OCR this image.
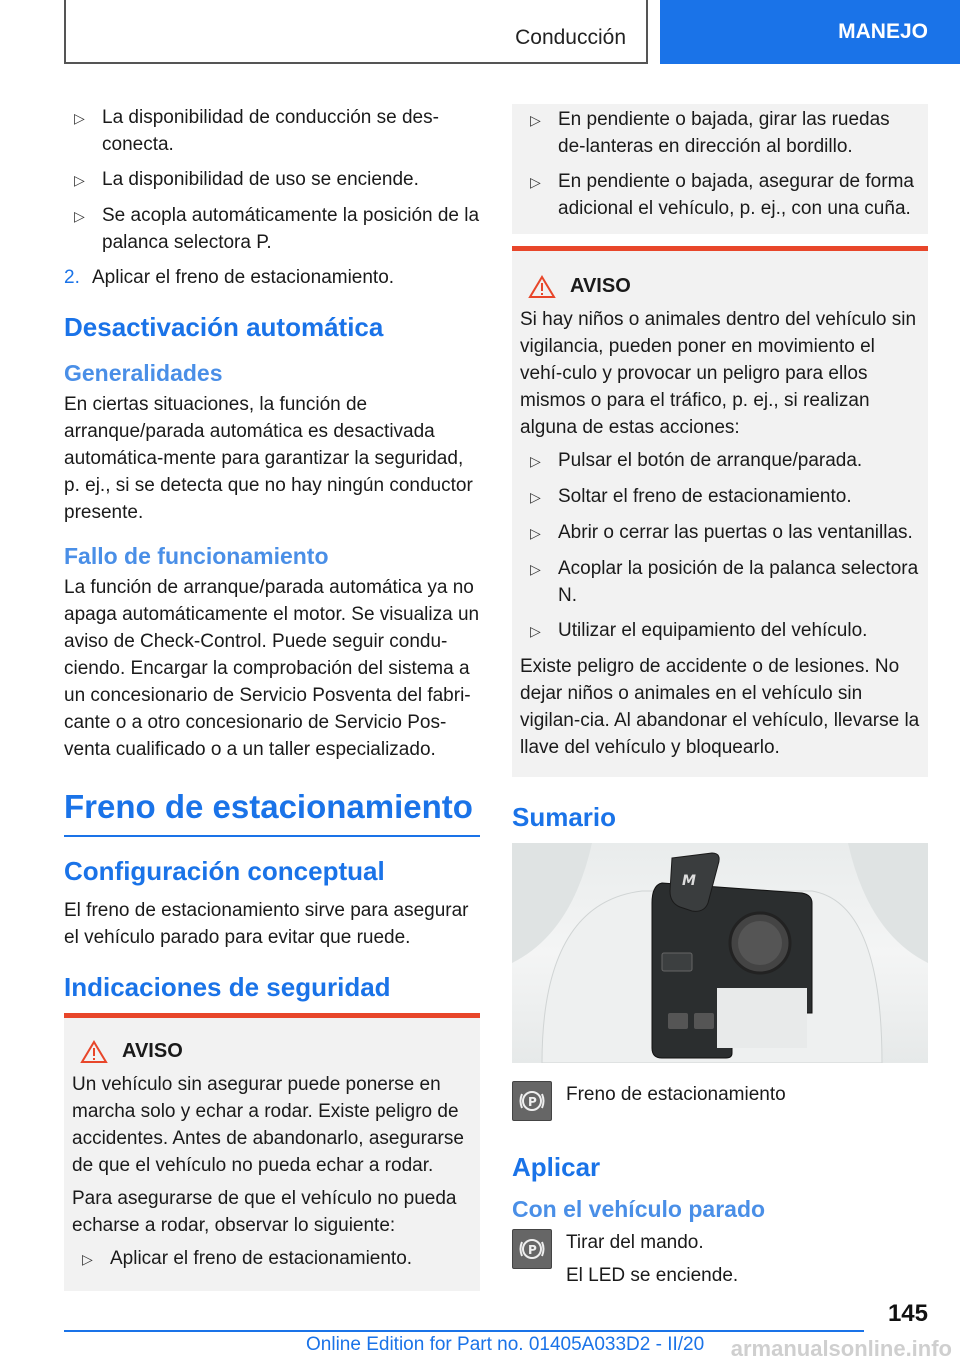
Conducción	MANEJO
▷ La disponibilidad de conducción se des-conecta.
▷ La disponibilidad de uso se enciende.
▷ Se acopla automáticamente la posición de la palanca selectora P.
2. Aplicar el freno de estacionamiento.
Desactivación automática
Generalidades

En ciertas situaciones, la función de arranque/parada automática es desactivada automática-mente para garantizar la seguridad, p. ej., si se detecta que no hay ningún conductor presente.

Fallo de funcionamiento

La función de arranque/parada automática ya no apaga automáticamente el motor. Se visualiza un aviso de Check-Control. Puede seguir condu-ciendo. Encargar la comprobación del sistema a un concesionario de Servicio Posventa del fabri-cante o a otro concesionario de Servicio Pos-venta cualificado o a un taller especializado.

Freno de estacionamiento
Configuración conceptual

El freno de estacionamiento sirve para asegurar el vehículo parado para evitar que ruede.

Indicaciones de seguridad
AVISO

Un vehículo sin asegurar puede ponerse en marcha solo y echar a rodar. Existe peligro de accidentes. Antes de abandonarlo, asegurarse de que el vehículo no pueda echar a rodar.

Para asegurarse de que el vehículo no pueda echarse a rodar, observar lo siguiente:

▷ Aplicar el freno de estacionamiento.
▷ En pendiente o bajada, girar las ruedas de-lanteras en dirección al bordillo.
▷ En pendiente o bajada, asegurar de forma adicional el vehículo, p. ej., con una cuña.
AVISO

Si hay niños o animales dentro del vehículo sin vigilancia, pueden poner en movimiento el vehí-culo y provocar un peligro para ellos mismos o para el tráfico, p. ej., si realizan alguna de estas acciones:

▷ Pulsar el botón de arranque/parada.
▷ Soltar el freno de estacionamiento.
▷ Abrir o cerrar las puertas o las ventanillas.
▷ Acoplar la posición de la palanca selectora N.
▷ Utilizar el equipamiento del vehículo.

Existe peligro de accidente o de lesiones. No dejar niños o animales en el vehículo sin vigilan-cia. Al abandonar el vehículo, llevarse la llave del vehículo y bloquearlo.

Sumario
M
P Freno de estacionamiento
Aplicar
Con el vehículo parado
P Tirar del mando.

El LED se enciende.

145
Online Edition for Part no. 01405A033D2 - II/20 armanualsonline.info
